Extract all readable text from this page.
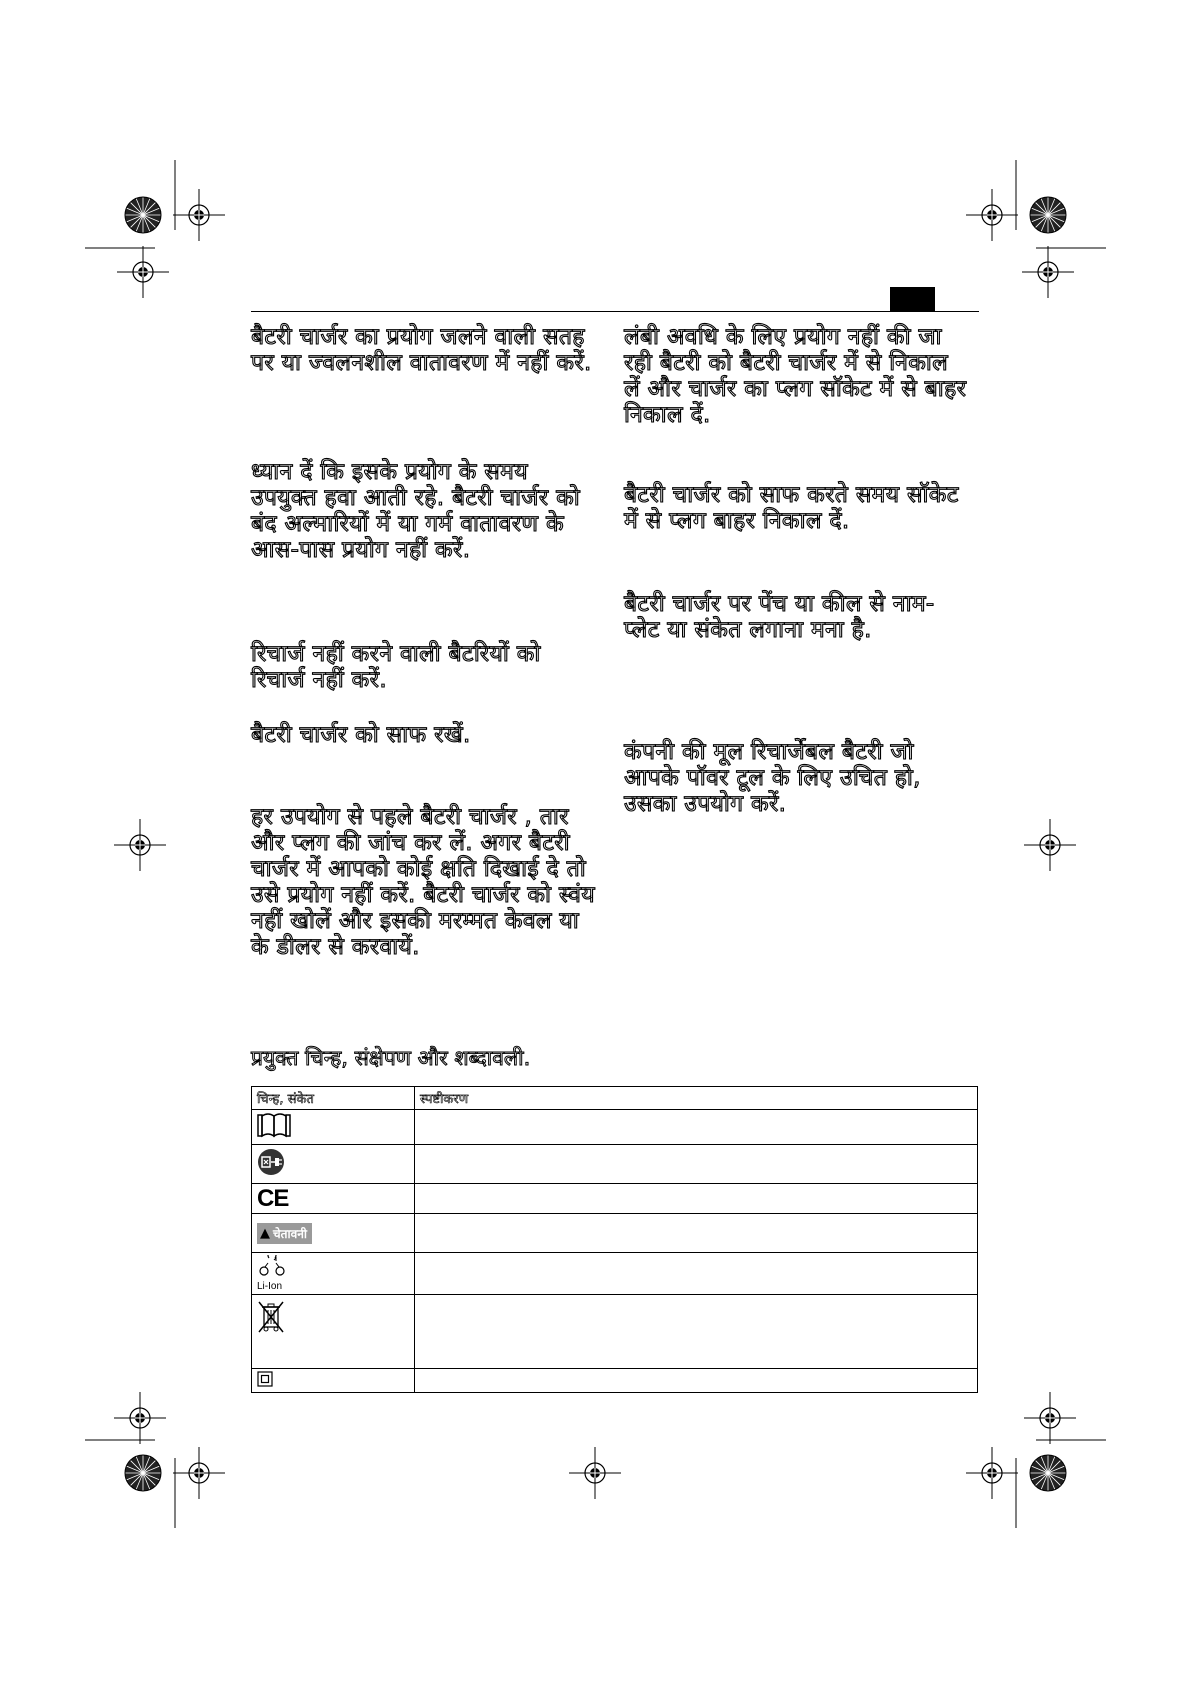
बैटरी चार्जर का प्रयोग जलने वाली सतह पर या ज्वलनशील वातावरण में नहीं करें.

ध्यान दें कि इसके प्रयोग के समय उपयुक्त हवा आती रहे. बैटरी चार्जर को बंद अल्मारियों में या गर्म वातावरण के आस-पास प्रयोग नहीं करें.

रिचार्ज नहीं करने वाली बैटरियों को रिचार्ज नहीं करें.

बैटरी चार्जर को साफ रखें.

हर उपयोग से पहले बैटरी चार्जर , तार और प्लग की जांच कर लें. अगर बैटरी चार्जर में आपको कोई क्षति दिखाई दे तो उसे प्रयोग नहीं करें. बैटरी चार्जर को स्वंय नहीं खोलें और इसकी मरम्मत केवल या के डीलर से करवायें.

लंबी अवधि के लिए प्रयोग नहीं की जा रही बैटरी को बैटरी चार्जर में से निकाल लें और चार्जर का प्लग सॉकेट में से बाहर निकाल दें.

बैटरी चार्जर को साफ करते समय सॉकेट में से प्लग बाहर निकाल दें.

बैटरी चार्जर पर पेंच या कील से नाम-प्लेट या संकेत लगाना मना है.

कंपनी की मूल रिचार्जेबल बैटरी जो आपके पॉवर टूल के लिए उचित हो, उसका उपयोग करें.

प्रयुक्त चिन्ह, संक्षेपण और शब्दावली.
चिन्ह, संकेत	स्पष्टीकरण

CE	

▲ चेतावनी	

Li-Ion	
